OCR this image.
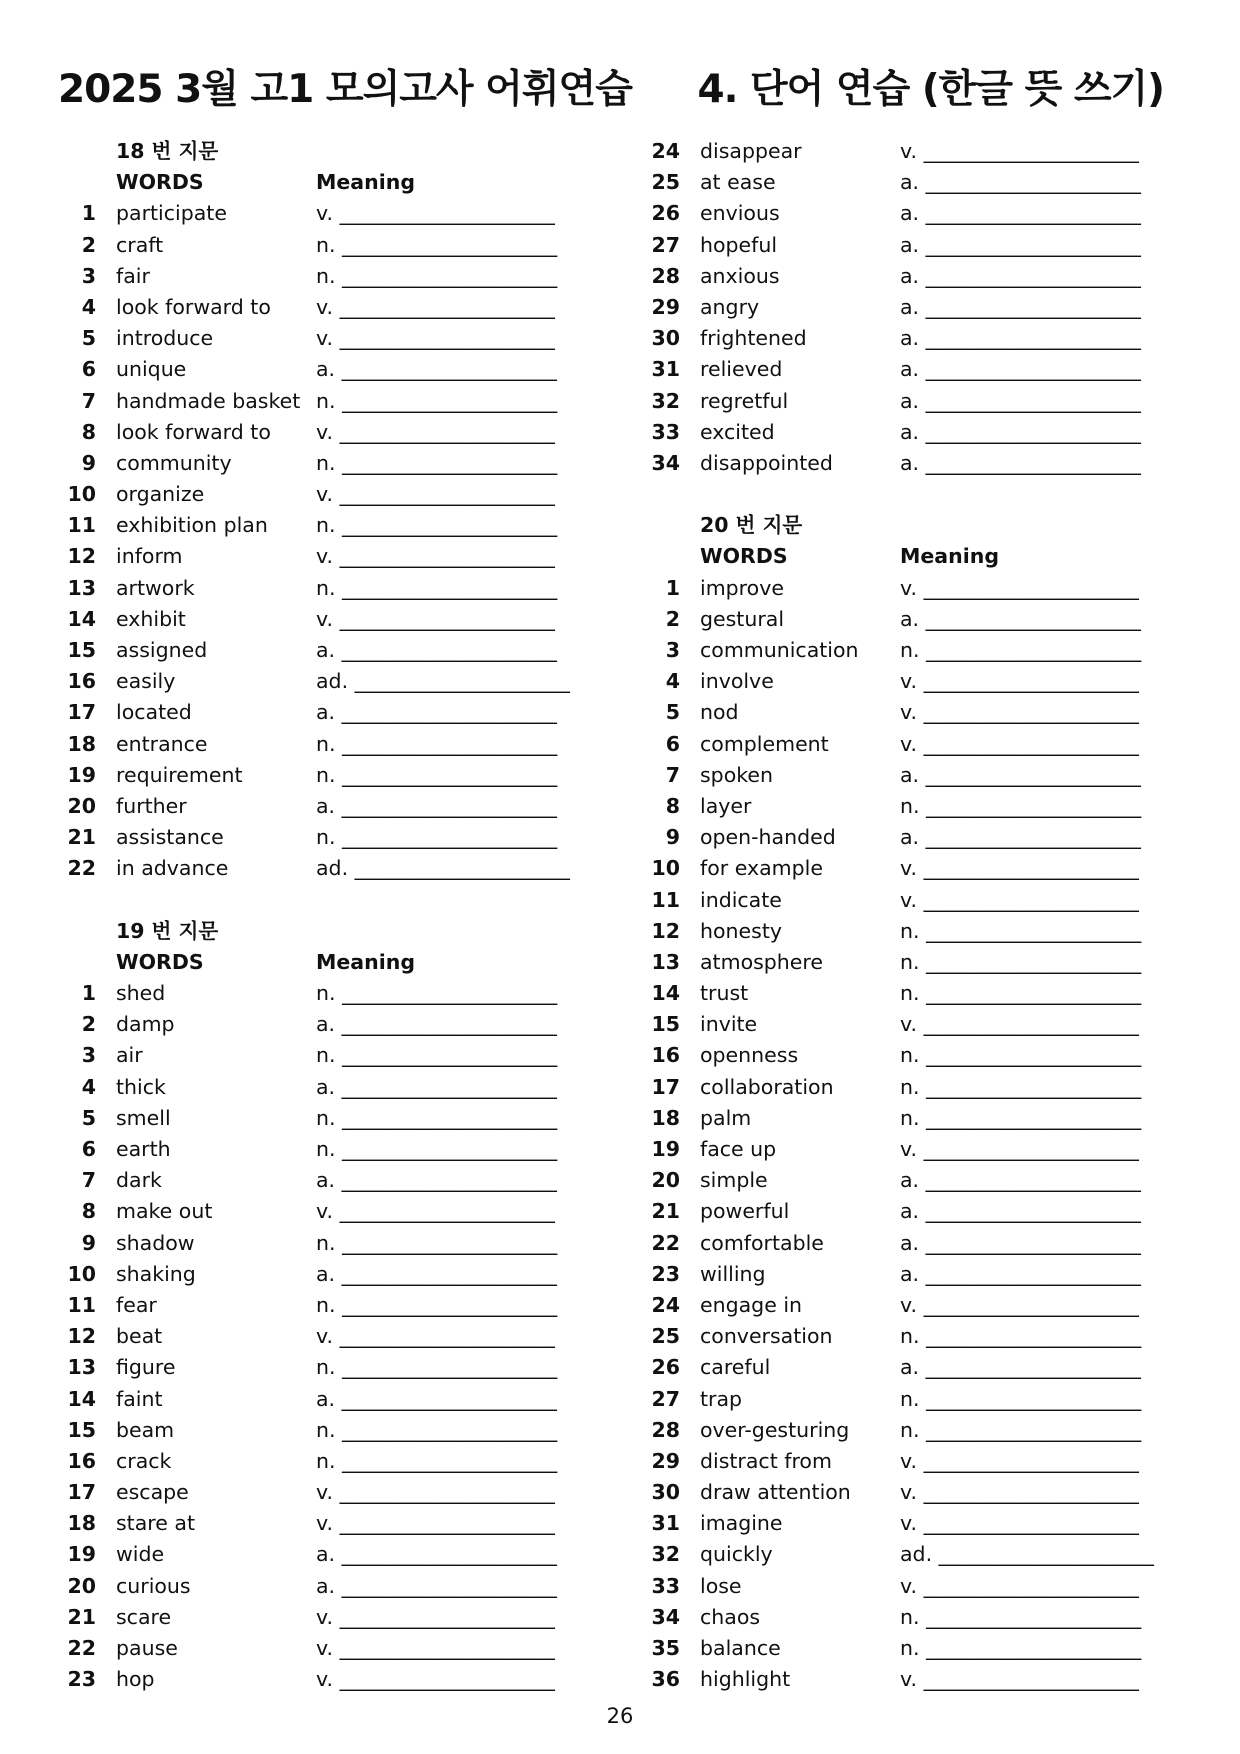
2025 3월 고1 모의고사 어휘연습 4. 단어 연습 (한글 뜻 쓰기)
18 번 지문
WORDS	Meaning
1 participate	v. _____________________
2 craft	n. _____________________
3 fair	n. _____________________
4 look forward to v. _____________________
5 introduce	v. _____________________
6 unique	a. _____________________
7 handmade basket n. _____________________
8 look forward to v. _____________________
9 community	n. _____________________
10 organize	v. _____________________
11 exhibition plan n. _____________________
12 inform	v. _____________________
13 artwork	n. _____________________
14 exhibit	v. _____________________
15 assigned	a. _____________________
16 easily	ad. _____________________
17 located	a. _____________________
18 entrance	n. _____________________
19 requirement	n. _____________________
20 further	a. _____________________
21 assistance	n. _____________________
22 in advance	ad. _____________________
19 번 지문
WORDS	Meaning
1 shed	n. _____________________
2 damp	a. _____________________
3 air	n. _____________________
4 thick	a. _____________________
5 smell	n. _____________________
6 earth	n. _____________________
7 dark	a. _____________________
8 make out	v. _____________________
9 shadow	n. _____________________
10 shaking	a. _____________________
11 fear	n. _____________________
12 beat	v. _____________________
13 figure	n. _____________________
14 faint	a. _____________________
15 beam	n. _____________________
16 crack	n. _____________________
17 escape	v. _____________________
18 stare at	v. _____________________
19 wide	a. _____________________
20 curious	a. _____________________
21 scare	v. _____________________
22 pause	v. _____________________
23 hop	v. _____________________
24 disappear	v. _____________________
25 at ease	a. _____________________
26 envious	a. _____________________
27 hopeful	a. _____________________
28 anxious	a. _____________________
29 angry	a. _____________________
30 frightened	a. _____________________
31 relieved	a. _____________________
32 regretful	a. _____________________
33 excited	a. _____________________
34 disappointed	a. _____________________
20 번 지문
WORDS	Meaning
1 improve	v. _____________________
2 gestural	a. _____________________
3 communication n. _____________________
4 involve	v. _____________________
5 nod	v. _____________________
6 complement	v. _____________________
7 spoken	a. _____________________
8 layer	n. _____________________
9 open-handed	a. _____________________
10 for example	v. _____________________
11 indicate	v. _____________________
12 honesty	n. _____________________
13 atmosphere	n. _____________________
14 trust	n. _____________________
15 invite	v. _____________________
16 openness	n. _____________________
17 collaboration	n. _____________________
18 palm	n. _____________________
19 face up	v. _____________________
20 simple	a. _____________________
21 powerful	a. _____________________
22 comfortable	a. _____________________
23 willing	a. _____________________
24 engage in	v. _____________________
25 conversation	n. _____________________
26 careful	a. _____________________
27 trap	n. _____________________
28 over-gesturing n. _____________________
29 distract from	v. _____________________
30 draw attention v. _____________________
31 imagine	v. _____________________
32 quickly	ad. _____________________
33 lose	v. _____________________
34 chaos	n. _____________________
35 balance	n. _____________________
36 highlight	v. _____________________
26
